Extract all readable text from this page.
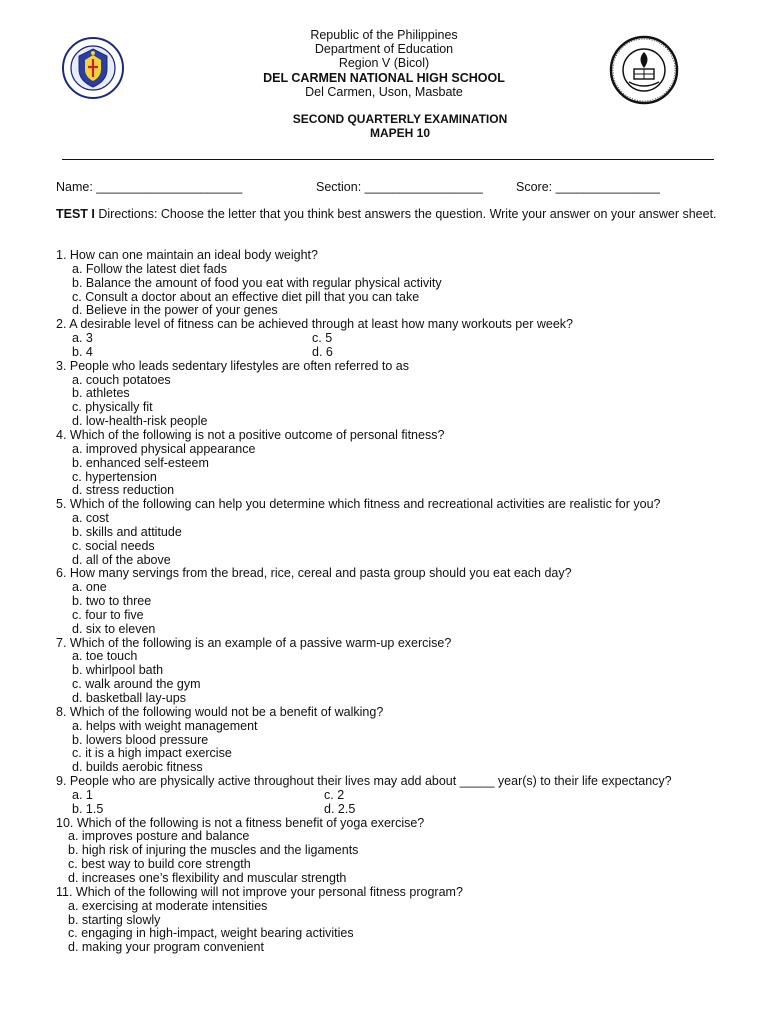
Republic of the Philippines
Department of Education
Region V (Bicol)
DEL CARMEN NATIONAL HIGH SCHOOL
Del Carmen, Uson, Masbate
SECOND QUARTERLY EXAMINATION
MAPEH 10
Name: _____________________	Section: _________________	Score: _______________
TEST I Directions: Choose the letter that you think best answers the question. Write your answer on your answer sheet.
1. How can one maintain an ideal body weight?
a. Follow the latest diet fads
b. Balance the amount of food you eat with regular physical activity
c. Consult a doctor about an effective diet pill that you can take
d. Believe in the power of your genes
2. A desirable level of fitness can be achieved through at least how many workouts per week?
a. 3	c. 5
b. 4	d. 6
3. People who leads sedentary lifestyles are often referred to as
a. couch potatoes
b. athletes
c. physically fit
d. low-health-risk people
4. Which of the following is not a positive outcome of personal fitness?
a. improved physical appearance
b. enhanced self-esteem
c. hypertension
d. stress reduction
5. Which of the following can help you determine which fitness and recreational activities are realistic for you?
a. cost
b. skills and attitude
c. social needs
d. all of the above
6. How many servings from the bread, rice, cereal and pasta group should you eat each day?
a. one
b. two to three
c. four to five
d. six to eleven
7. Which of the following is an example of a passive warm-up exercise?
a. toe touch
b. whirlpool bath
c. walk around the gym
d. basketball lay-ups
8. Which of the following would not be a benefit of walking?
a. helps with weight management
b. lowers blood pressure
c. it is a high impact exercise
d. builds aerobic fitness
9. People who are physically active throughout their lives may add about _____ year(s) to their life expectancy?
a. 1	c. 2
b. 1.5	d. 2.5
10. Which of the following is not a fitness benefit of yoga exercise?
a. improves posture and balance
b. high risk of injuring the muscles and the ligaments
c. best way to build core strength
d. increases one’s flexibility and muscular strength
11. Which of the following will not improve your personal fitness program?
a. exercising at moderate intensities
b. starting slowly
c. engaging in high-impact, weight bearing activities
d. making your program convenient
